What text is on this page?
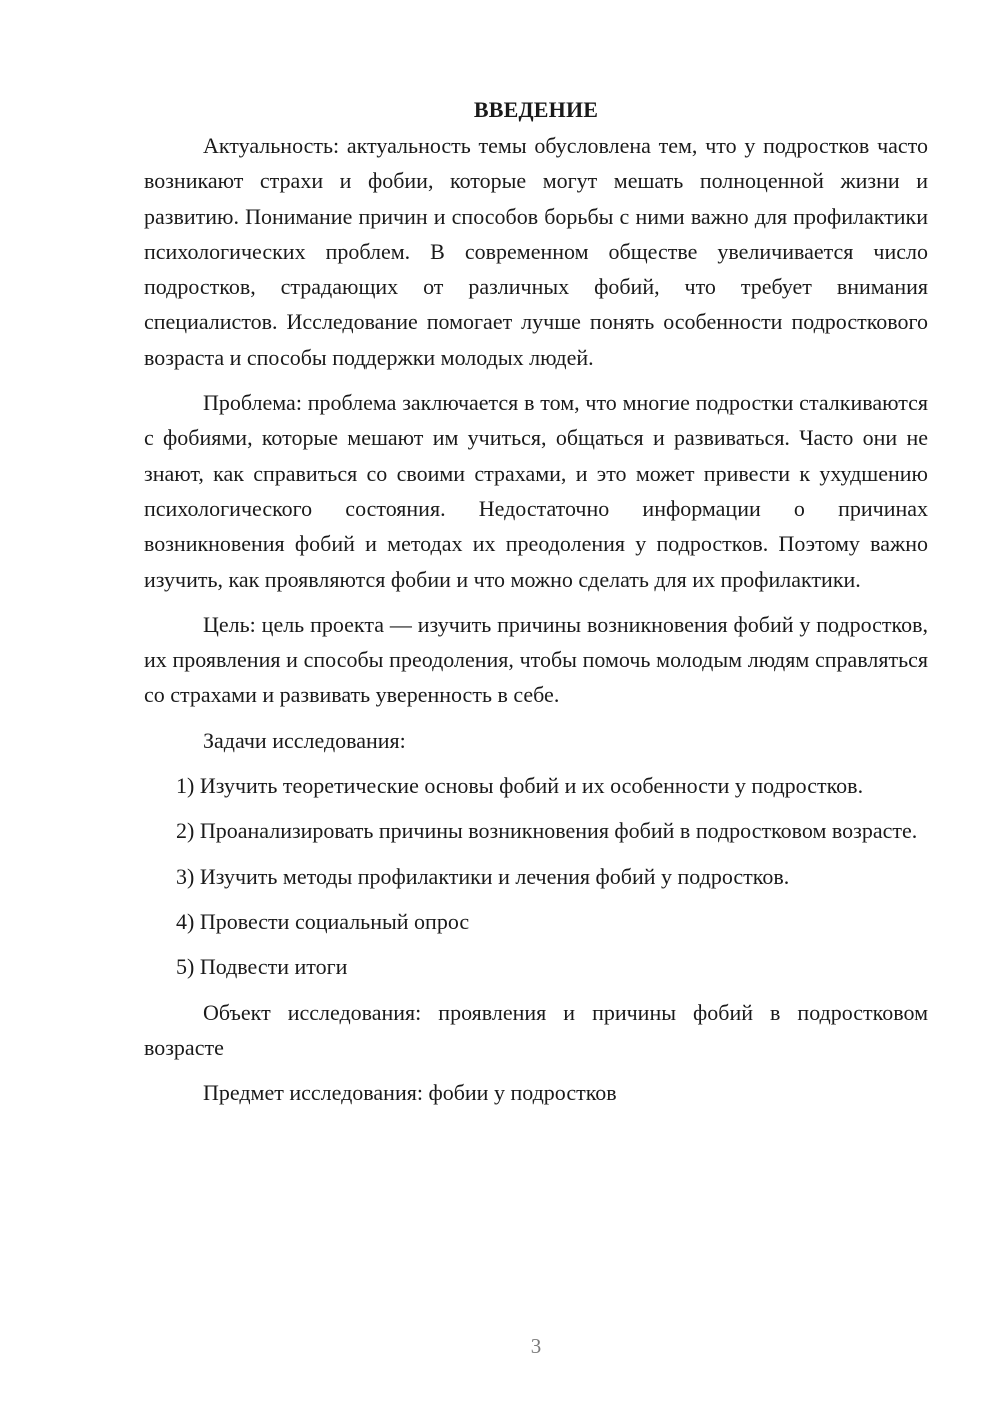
ВВЕДЕНИЕ

Актуальность: актуальность темы обусловлена тем, что у подростков часто возникают страхи и фобии, которые могут мешать полноценной жизни и развитию. Понимание причин и способов борьбы с ними важно для профилактики психологических проблем. В современном обществе увеличивается число подростков, страдающих от различных фобий, что требует внимания специалистов. Исследование помогает лучше понять особенности подросткового возраста и способы поддержки молодых людей.

Проблема: проблема заключается в том, что многие подростки сталкиваются с фобиями, которые мешают им учиться, общаться и развиваться. Часто они не знают, как справиться со своими страхами, и это может привести к ухудшению психологического состояния. Недостаточно информации о причинах возникновения фобий и методах их преодоления у подростков. Поэтому важно изучить, как проявляются фобии и что можно сделать для их профилактики.

Цель: цель проекта — изучить причины возникновения фобий у подростков, их проявления и способы преодоления, чтобы помочь молодым людям справляться со страхами и развивать уверенность в себе.

Задачи исследования:

1) Изучить теоретические основы фобий и их особенности у подростков.

2) Проанализировать причины возникновения фобий в подростковом возрасте.

3) Изучить методы профилактики и лечения фобий у подростков.

4) Провести социальный опрос

5) Подвести итоги

Объект исследования: проявления и причины фобий в подростковом возрасте

Предмет исследования: фобии у подростков

3
